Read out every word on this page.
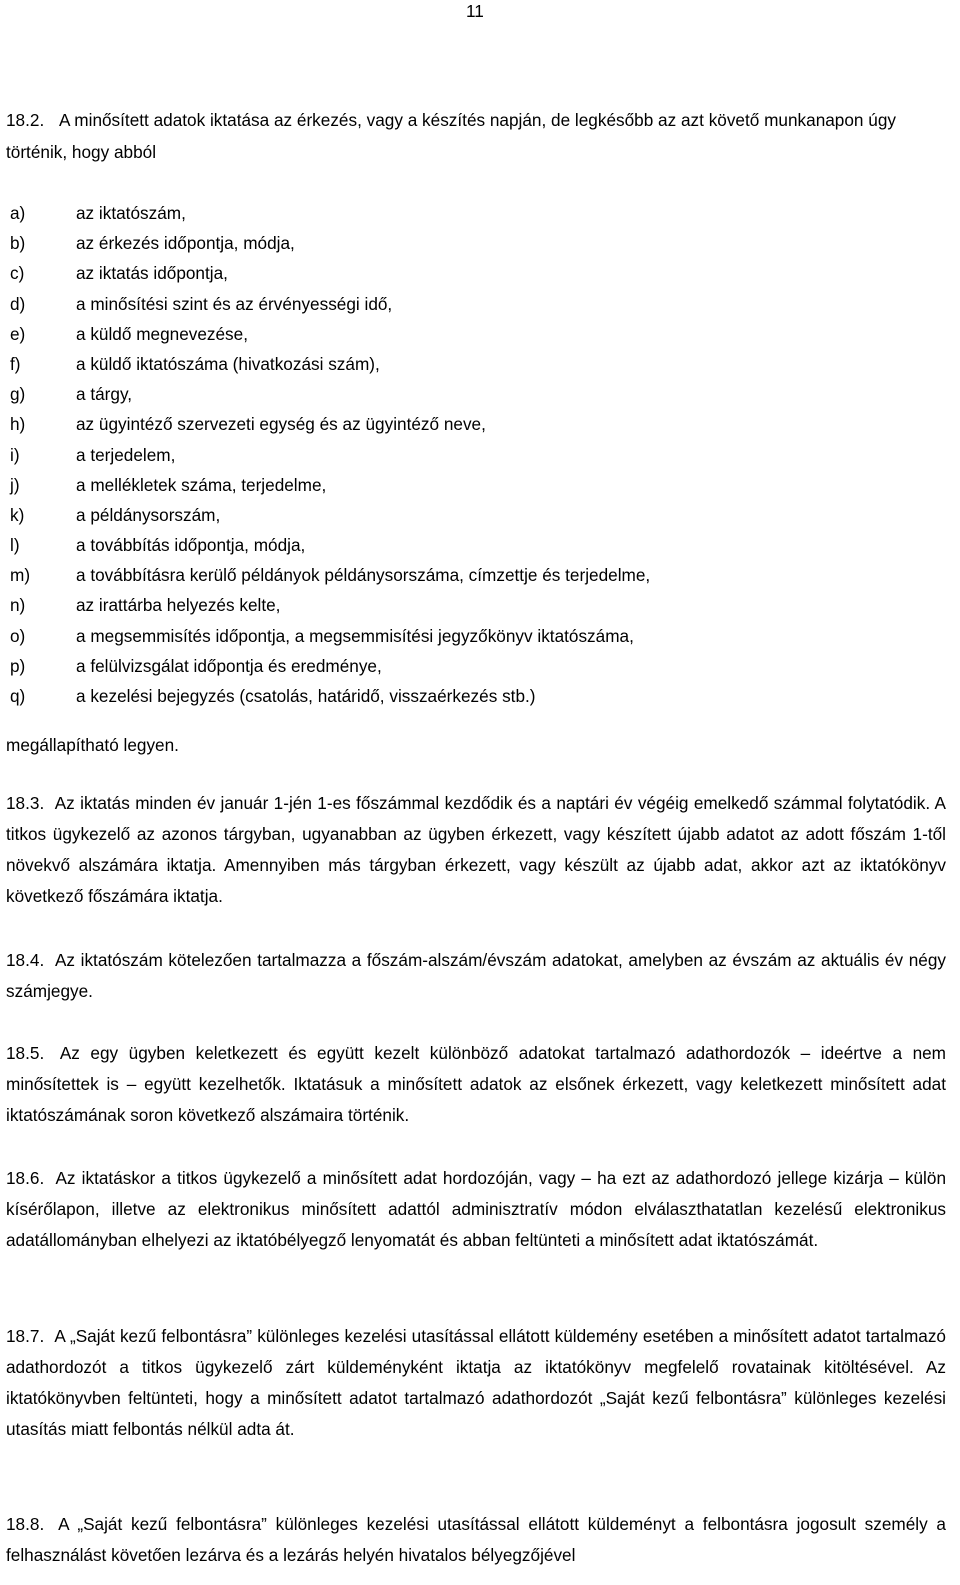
11
18.2. A minősített adatok iktatása az érkezés, vagy a készítés napján, de legkésőbb az azt követő munkanapon úgy történik, hogy abból
a)	az iktatószám,
b)	az érkezés időpontja, módja,
c)	az iktatás időpontja,
d)	a minősítési szint és az érvényességi idő,
e)	a küldő megnevezése,
f)	a küldő iktatószáma (hivatkozási szám),
g)	a tárgy,
h)	az ügyintéző szervezeti egység és az ügyintéző neve,
i)	a terjedelem,
j)	a mellékletek száma, terjedelme,
k)	a példánysorszám,
l)	a továbbítás időpontja, módja,
m)	a továbbításra kerülő példányok példánysorszáma, címzettje és terjedelme,
n)	az irattárba helyezés kelte,
o)	a megsemmisítés időpontja, a megsemmisítési jegyzőkönyv iktatószáma,
p)	a felülvizsgálat időpontja és eredménye,
q)	a kezelési bejegyzés (csatolás, határidő, visszaérkezés stb.)
megállapítható legyen.
18.3. Az iktatás minden év január 1-jén 1-es főszámmal kezdődik és a naptári év végéig emelkedő számmal folytatódik. A titkos ügykezelő az azonos tárgyban, ugyanabban az ügyben érkezett, vagy készített újabb adatot az adott főszám 1-től növekvő alszámára iktatja. Amennyiben más tárgyban érkezett, vagy készült az újabb adat, akkor azt az iktatókönyv következő főszámára iktatja.
18.4. Az iktatószám kötelezően tartalmazza a főszám-alszám/évszám adatokat, amelyben az évszám az aktuális év négy számjegye.
18.5. Az egy ügyben keletkezett és együtt kezelt különböző adatokat tartalmazó adathordozók – ideértve a nem minősítettek is – együtt kezelhetők. Iktatásuk a minősített adatok az elsőnek érkezett, vagy keletkezett minősített adat iktatószámának soron következő alszámaira történik.
18.6. Az iktatáskor a titkos ügykezelő a minősített adat hordozóján, vagy – ha ezt az adathordozó jellege kizárja – külön kísérőlapon, illetve az elektronikus minősített adattól adminisztratív módon elválaszthatatlan kezelésű elektronikus adatállományban elhelyezi az iktatóbélyegző lenyomatát és abban feltünteti a minősített adat iktatószámát.
18.7. A „Saját kezű felbontásra” különleges kezelési utasítással ellátott küldemény esetében a minősített adatot tartalmazó adathordozót a titkos ügykezelő zárt küldeményként iktatja az iktatókönyv megfelelő rovatainak kitöltésével. Az iktatókönyvben feltünteti, hogy a minősített adatot tartalmazó adathordozót „Saját kezű felbontásra” különleges kezelési utasítás miatt felbontás nélkül adta át.
18.8. A „Saját kezű felbontásra” különleges kezelési utasítással ellátott küldeményt a felbontásra jogosult személy a felhasználást követően lezárva és a lezárás helyén hivatalos bélyegzőjével
